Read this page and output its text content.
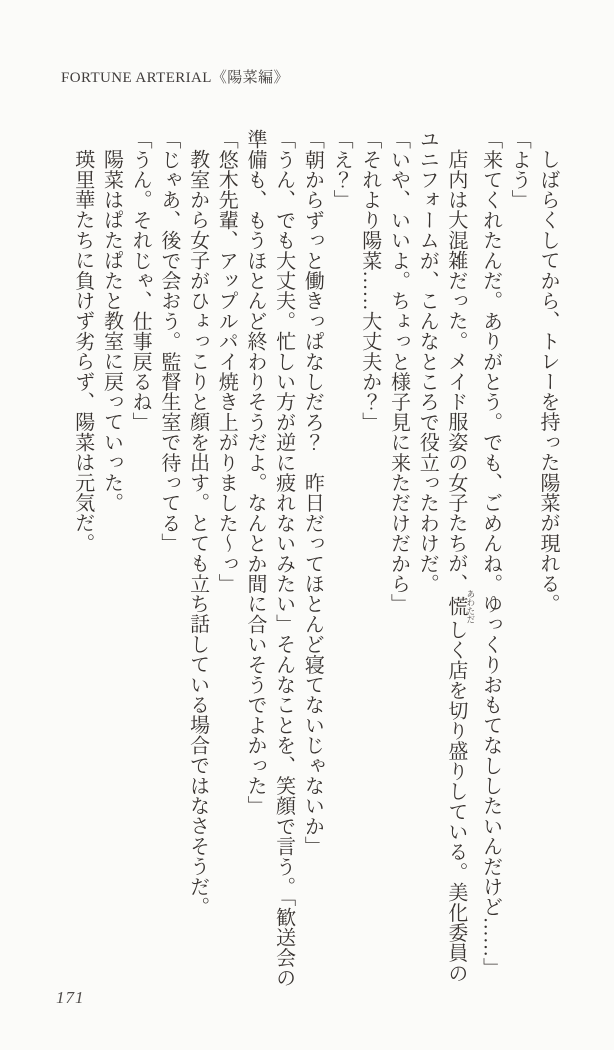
FORTUNE ARTERIAL《陽菜編》

しばらくしてから、トレーを持った陽菜が現れる。

「よう」

「来てくれたんだ。ありがとう。でも、ごめんね。ゆっくりおもてなししたいんだけど……」

店内は大混雑だった。メイド服姿の女子たちが、慌 あわただしく店を切り盛りしている。美化委員のユニフォームが、こんなところで役立ったわけだ。

「いや、いいよ。ちょっと様子見に来ただけだから」

「それより陽菜……大丈夫か？」

「え？」

「朝からずっと働きっぱなしだろ？　昨日だってほとんど寝てないじゃないか」

「うん、でも大丈夫。忙しい方が逆に疲れないみたい」そんなことを、笑顔で言う。「歓送会の準備も、もうほとんど終わりそうだよ。なんとか間に合いそうでよかった」

「悠木先輩、アップルパイ焼き上がりました～っ」

教室から女子がひょっこりと顔を出す。とても立ち話している場合ではなさそうだ。

「じゃあ、後で会おう。監督生室で待ってる」

「うん。それじゃ、仕事戻るね」

陽菜はぱたぱたと教室に戻っていった。

瑛里華たちに負けず劣らず、陽菜は元気だ。

171
